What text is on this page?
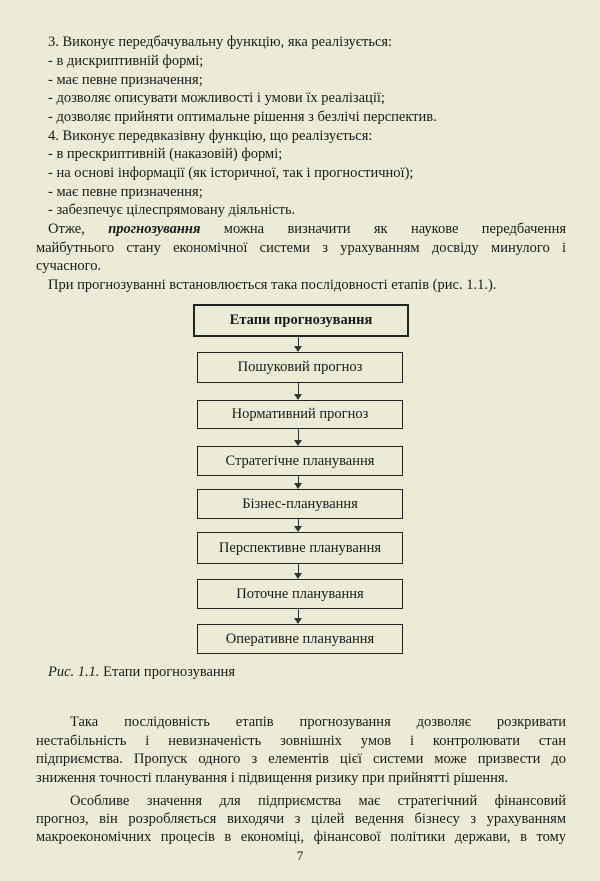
3. Виконує передбачувальну функцію, яка реалізується:
- в дискриптивній формі;
- має певне призначення;
- дозволяє описувати можливості і умови їх реалізації;
- дозволяє прийняти оптимальне рішення з безлічі перспектив.
4. Виконує передвказівну функцію, що реалізується:
- в прескриптивній (наказовій) формі;
- на основі інформації (як історичної, так і прогностичної);
- має певне призначення;
- забезпечує цілеспрямовану діяльність.
Отже, прогнозування можна визначити як наукове передбачення
майбутнього стану економічної системи з урахуванням досвіду минулого і
сучасного.
При прогнозуванні встановлюється така послідовності етапів (рис. 1.1.).
Етапи прогнозування
Пошуковий прогноз
Нормативний прогноз
Стратегічне планування
Бізнес-планування
Перспективне планування
Поточне планування
Оперативне планування
Рис. 1.1. Етапи прогнозування
Така послідовність етапів прогнозування дозволяє розкривати
нестабільність і невизначеність зовнішніх умов і контролювати стан
підприємства. Пропуск одного з елементів цієї системи може призвести до
зниження точності планування і підвищення ризику при прийнятті рішення.
Особливе значення для підприємства має стратегічний фінансовий
прогноз, він розробляється виходячи з цілей ведення бізнесу з урахуванням
макроекономічних процесів в економіці, фінансової політики держави, в тому
7
